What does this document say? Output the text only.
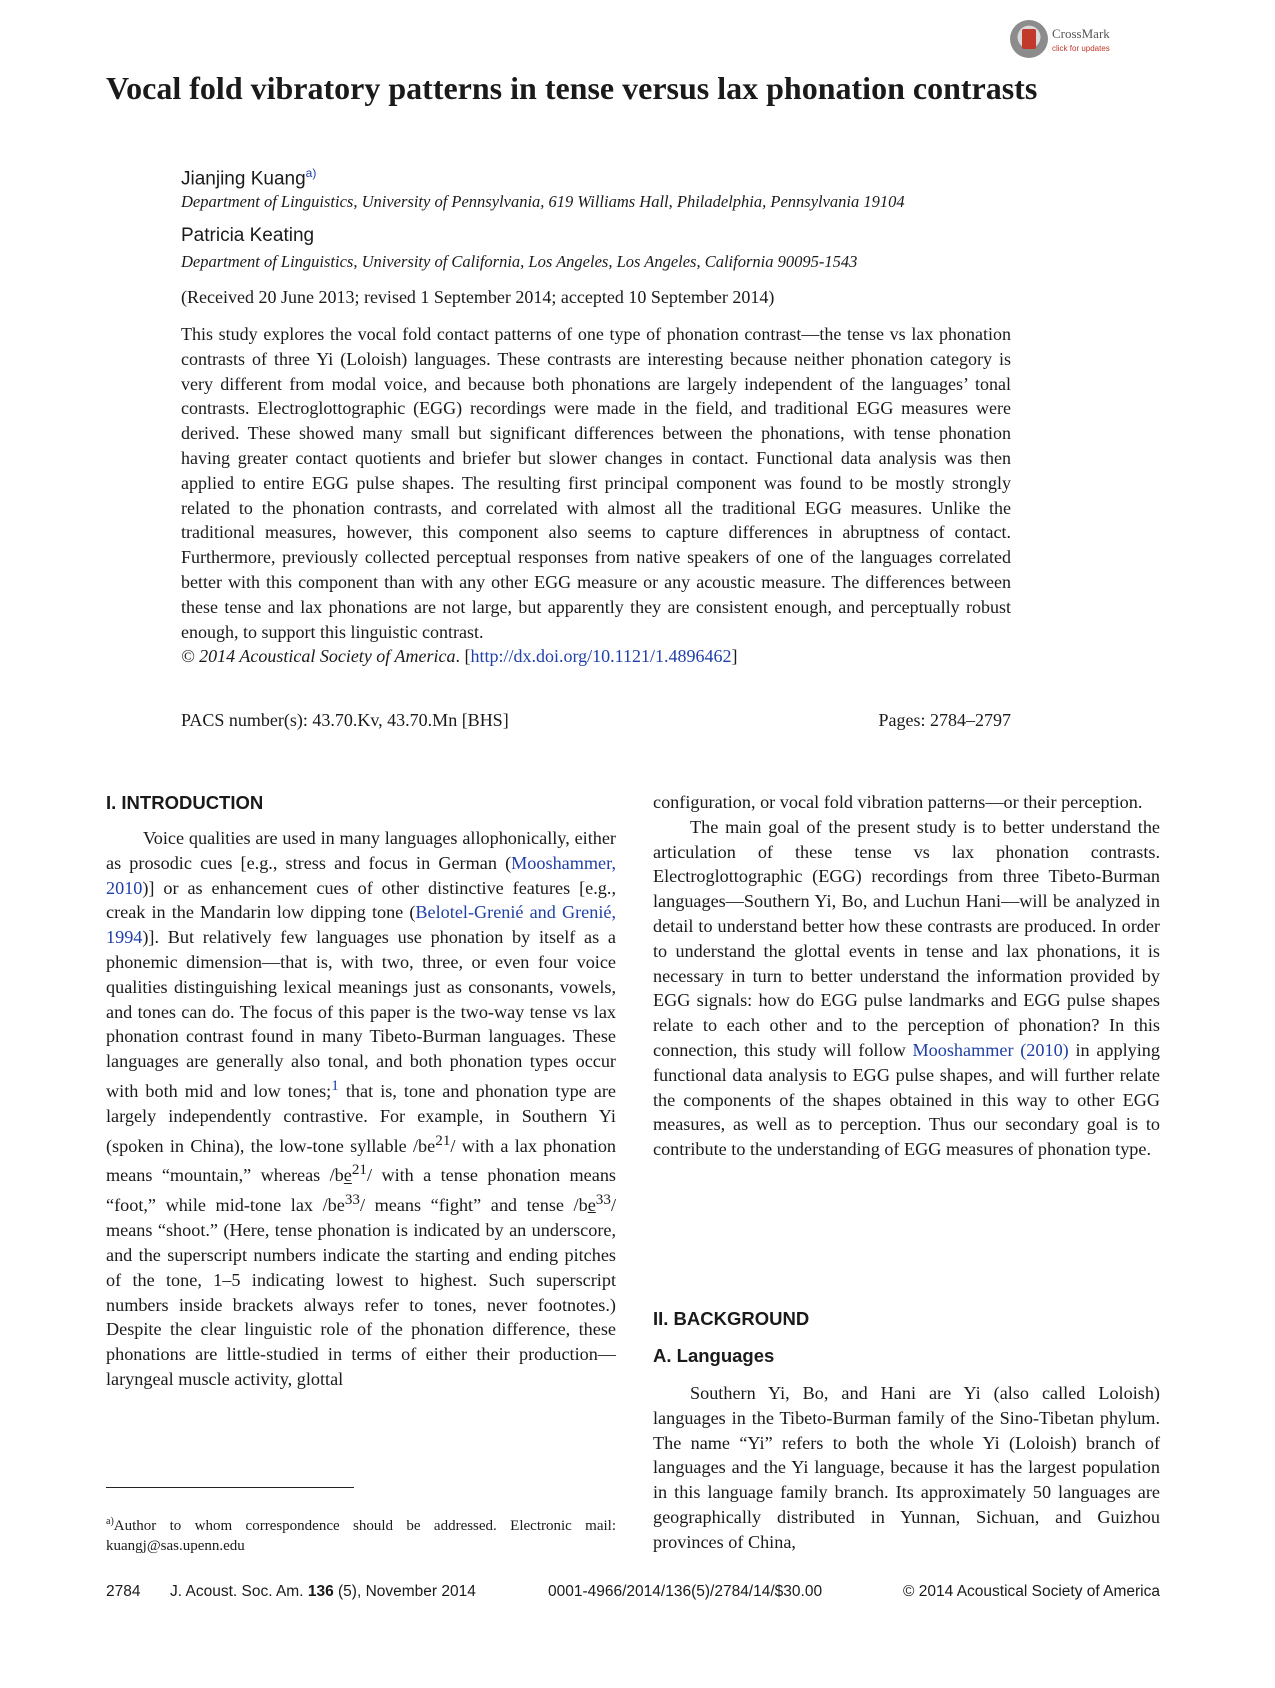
CrossMark
click for updates
Vocal fold vibratory patterns in tense versus lax phonation contrasts
Jianjing Kuang$^{a)}$
Department of Linguistics, University of Pennsylvania, 619 Williams Hall, Philadelphia, Pennsylvania 19104
Patricia Keating
Department of Linguistics, University of California, Los Angeles, Los Angeles, California 90095-1543
(Received 20 June 2013; revised 1 September 2014; accepted 10 September 2014)
This study explores the vocal fold contact patterns of one type of phonation contrast—the tense vs lax phonation contrasts of three Yi (Loloish) languages. These contrasts are interesting because neither phonation category is very different from modal voice, and because both phonations are largely independent of the languages’ tonal contrasts. Electroglottographic (EGG) recordings were made in the field, and traditional EGG measures were derived. These showed many small but significant differences between the phonations, with tense phonation having greater contact quotients and briefer but slower changes in contact. Functional data analysis was then applied to entire EGG pulse shapes. The resulting first principal component was found to be mostly strongly related to the phonation contrasts, and correlated with almost all the traditional EGG measures. Unlike the traditional measures, however, this component also seems to capture differences in abruptness of contact. Furthermore, previously collected perceptual responses from native speakers of one of the languages correlated better with this component than with any other EGG measure or any acoustic measure. The differences between these tense and lax phonations are not large, but apparently they are consistent enough, and perceptually robust enough, to support this linguistic contrast.
© 2014 Acoustical Society of America. [http://dx.doi.org/10.1121/1.4896462]
PACS number(s): 43.70.Kv, 43.70.Mn [BHS]	Pages: 2784–2797
I. INTRODUCTION

Voice qualities are used in many languages allophonically, either as prosodic cues [e.g., stress and focus in German (Mooshammer, 2010)] or as enhancement cues of other distinctive features [e.g., creak in the Mandarin low dipping tone (Belotel-Grenié and Grenié, 1994)]. But relatively few languages use phonation by itself as a phonemic dimension—that is, with two, three, or even four voice qualities distinguishing lexical meanings just as consonants, vowels, and tones can do. The focus of this paper is the two-way tense vs lax phonation contrast found in many Tibeto-Burman languages. These languages are generally also tonal, and both phonation types occur with both mid and low tones;$^1$ that is, tone and phonation type are largely independently contrastive. For example, in Southern Yi (spoken in China), the low-tone syllable $/be^{21}/$ with a lax phonation means “mountain,” whereas $/be^{21}/$ with a tense phonation means “foot,” while mid-tone lax $/be^{33}/$ means “fight” and tense $/be^{33}/$ means “shoot.” (Here, tense phonation is indicated by an underscore, and the superscript numbers indicate the starting and ending pitches of the tone, 1–5 indicating lowest to highest. Such superscript numbers inside brackets always refer to tones, never footnotes.) Despite the clear linguistic role of the phonation difference, these phonations are little-studied in terms of either their production—laryngeal muscle activity, glottal

configuration, or vocal fold vibration patterns—or their perception.

The main goal of the present study is to better understand the articulation of these tense vs lax phonation contrasts. Electroglottographic (EGG) recordings from three Tibeto-Burman languages—Southern Yi, Bo, and Luchun Hani—will be analyzed in detail to understand better how these contrasts are produced. In order to understand the glottal events in tense and lax phonations, it is necessary in turn to better understand the information provided by EGG signals: how do EGG pulse landmarks and EGG pulse shapes relate to each other and to the perception of phonation? In this connection, this study will follow Mooshammer (2010) in applying functional data analysis to EGG pulse shapes, and will further relate the components of the shapes obtained in this way to other EGG measures, as well as to perception. Thus our secondary goal is to contribute to the understanding of EGG measures of phonation type.

II. BACKGROUND
A. Languages

Southern Yi, Bo, and Hani are Yi (also called Loloish) languages in the Tibeto-Burman family of the Sino-Tibetan phylum. The name “Yi” refers to both the whole Yi (Loloish) branch of languages and the Yi language, because it has the largest population in this language family branch. Its approximately 50 languages are geographically distributed in Yunnan, Sichuan, and Guizhou provinces of China,

$^{a)}$Author to whom correspondence should be addressed. Electronic mail: kuangj@sas.upenn.edu
2784 J. Acoust. Soc. Am. 136 (5), November 2014	0001-4966/2014/136(5)/2784/14/$30.00	© 2014 Acoustical Society of America
